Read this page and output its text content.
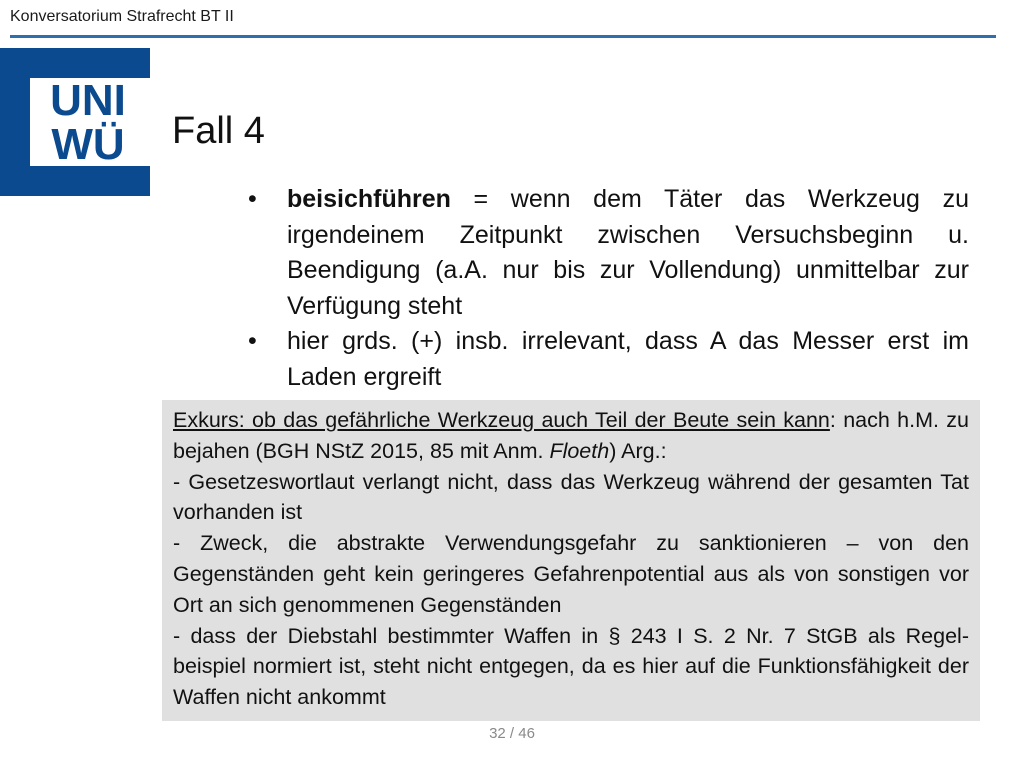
Konversatorium Strafrecht BT II
UNI
WÜ Fall 4
•	beisichführen = wenn dem Täter das Werkzeug zu irgendeinem Zeitpunkt zwischen Versuchsbeginn u. Beendigung (a.A. nur bis zur Vollendung) unmittelbar zur Verfügung steht
•	hier grds. (+) insb. irrelevant, dass A das Messer erst im Laden ergreift

Exkurs: ob das gefährliche Werkzeug auch Teil der Beute sein kann: nach h.M. zu bejahen (BGH NStZ 2015, 85 mit Anm. Floeth) Arg.:

- Gesetzeswortlaut verlangt nicht, dass das Werkzeug während der gesamten Tat vorhanden ist

- Zweck, die abstrakte Verwendungsgefahr zu sanktionieren – von den Gegenständen geht kein geringeres Gefahrenpotential aus als von sonstigen vor Ort an sich genommenen Gegenständen

- dass der Diebstahl bestimmter Waffen in § 243 I S. 2 Nr. 7 StGB als Regel-beispiel normiert ist, steht nicht entgegen, da es hier auf die Funktionsfähigkeit der Waffen nicht ankommt

32 / 46
